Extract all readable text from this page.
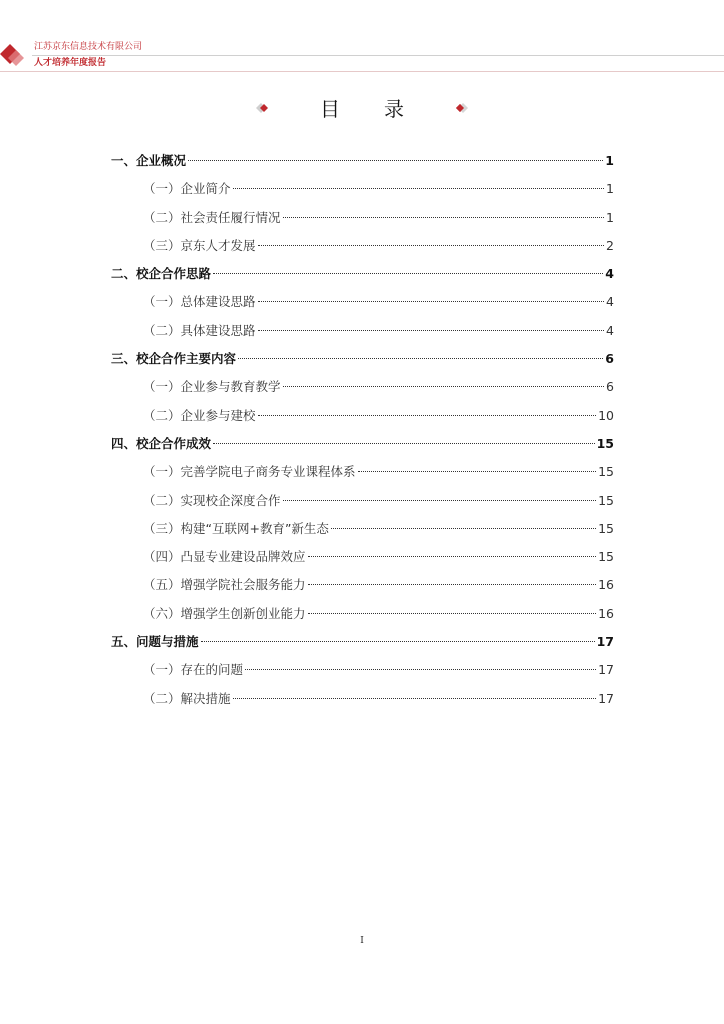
江苏京东信息技术有限公司
人才培养年度报告
目录
一、企业概况	1
（一）企业简介	1
（二）社会责任履行情况	1
（三）京东人才发展	2
二、校企合作思路	4
（一）总体建设思路	4
（二）具体建设思路	4
三、校企合作主要内容	6
（一）企业参与教育教学	6
（二）企业参与建校	10
四、校企合作成效	15
（一）完善学院电子商务专业课程体系	15
（二）实现校企深度合作	15
（三）构建“互联网+教育”新生态	15
（四）凸显专业建设品牌效应	15
（五）增强学院社会服务能力	16
（六）增强学生创新创业能力	16
五、问题与措施	17
（一）存在的问题	17
（二）解决措施	17
I
